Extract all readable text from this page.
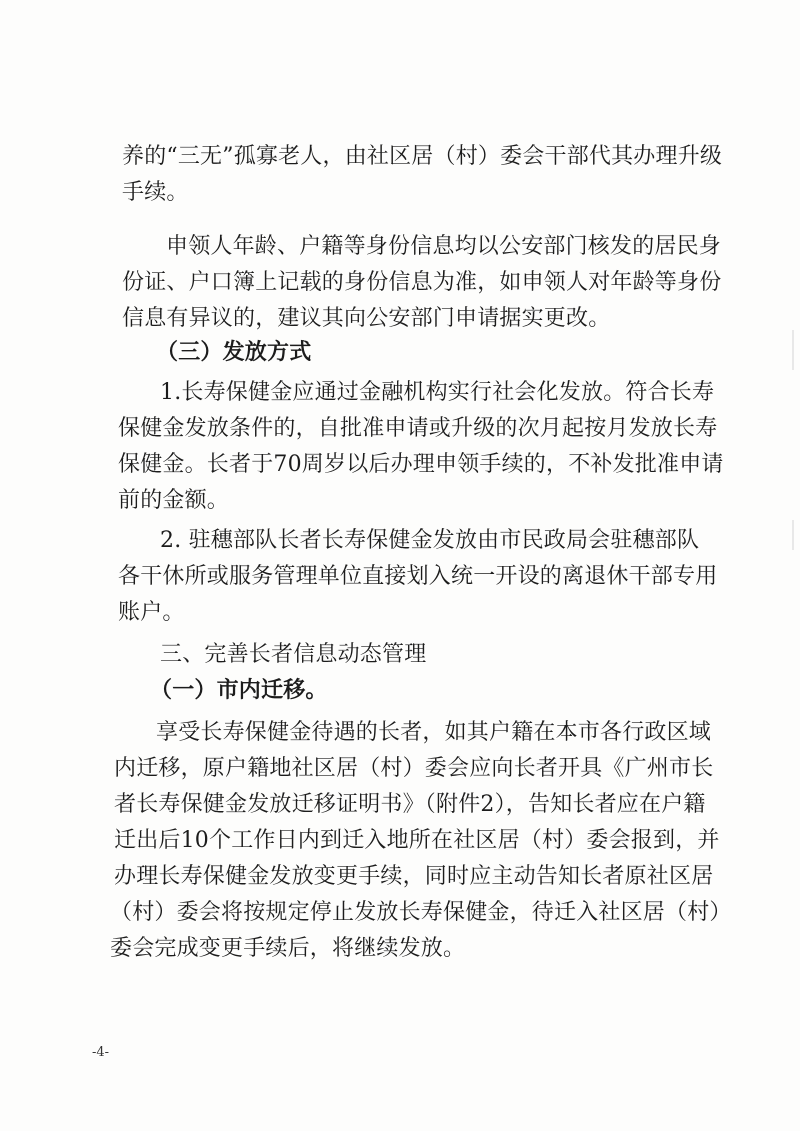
养的“三无”孤寡老人，由社区居（村）委会干部代其办理升级
手续。
申领人年龄、户籍等身份信息均以公安部门核发的居民身
份证、户口簿上记载的身份信息为准，如申领人对年龄等身份
信息有异议的，建议其向公安部门申请据实更改。
（三）发放方式
1.长寿保健金应通过金融机构实行社会化发放。符合长寿
保健金发放条件的，自批准申请或升级的次月起按月发放长寿
保健金。长者于70周岁以后办理申领手续的，不补发批准申请
前的金额。
2. 驻穗部队长者长寿保健金发放由市民政局会驻穗部队
各干休所或服务管理单位直接划入统一开设的离退休干部专用
账户。
三、完善长者信息动态管理
（一）市内迁移。
享受长寿保健金待遇的长者，如其户籍在本市各行政区域
内迁移，原户籍地社区居（村）委会应向长者开具《广州市长
者长寿保健金发放迁移证明书》（附件2），告知长者应在户籍
迁出后10个工作日内到迁入地所在社区居（村）委会报到，并
办理长寿保健金发放变更手续，同时应主动告知长者原社区居
（村）委会将按规定停止发放长寿保健金，待迁入社区居（村）
委会完成变更手续后，将继续发放。
-4-
